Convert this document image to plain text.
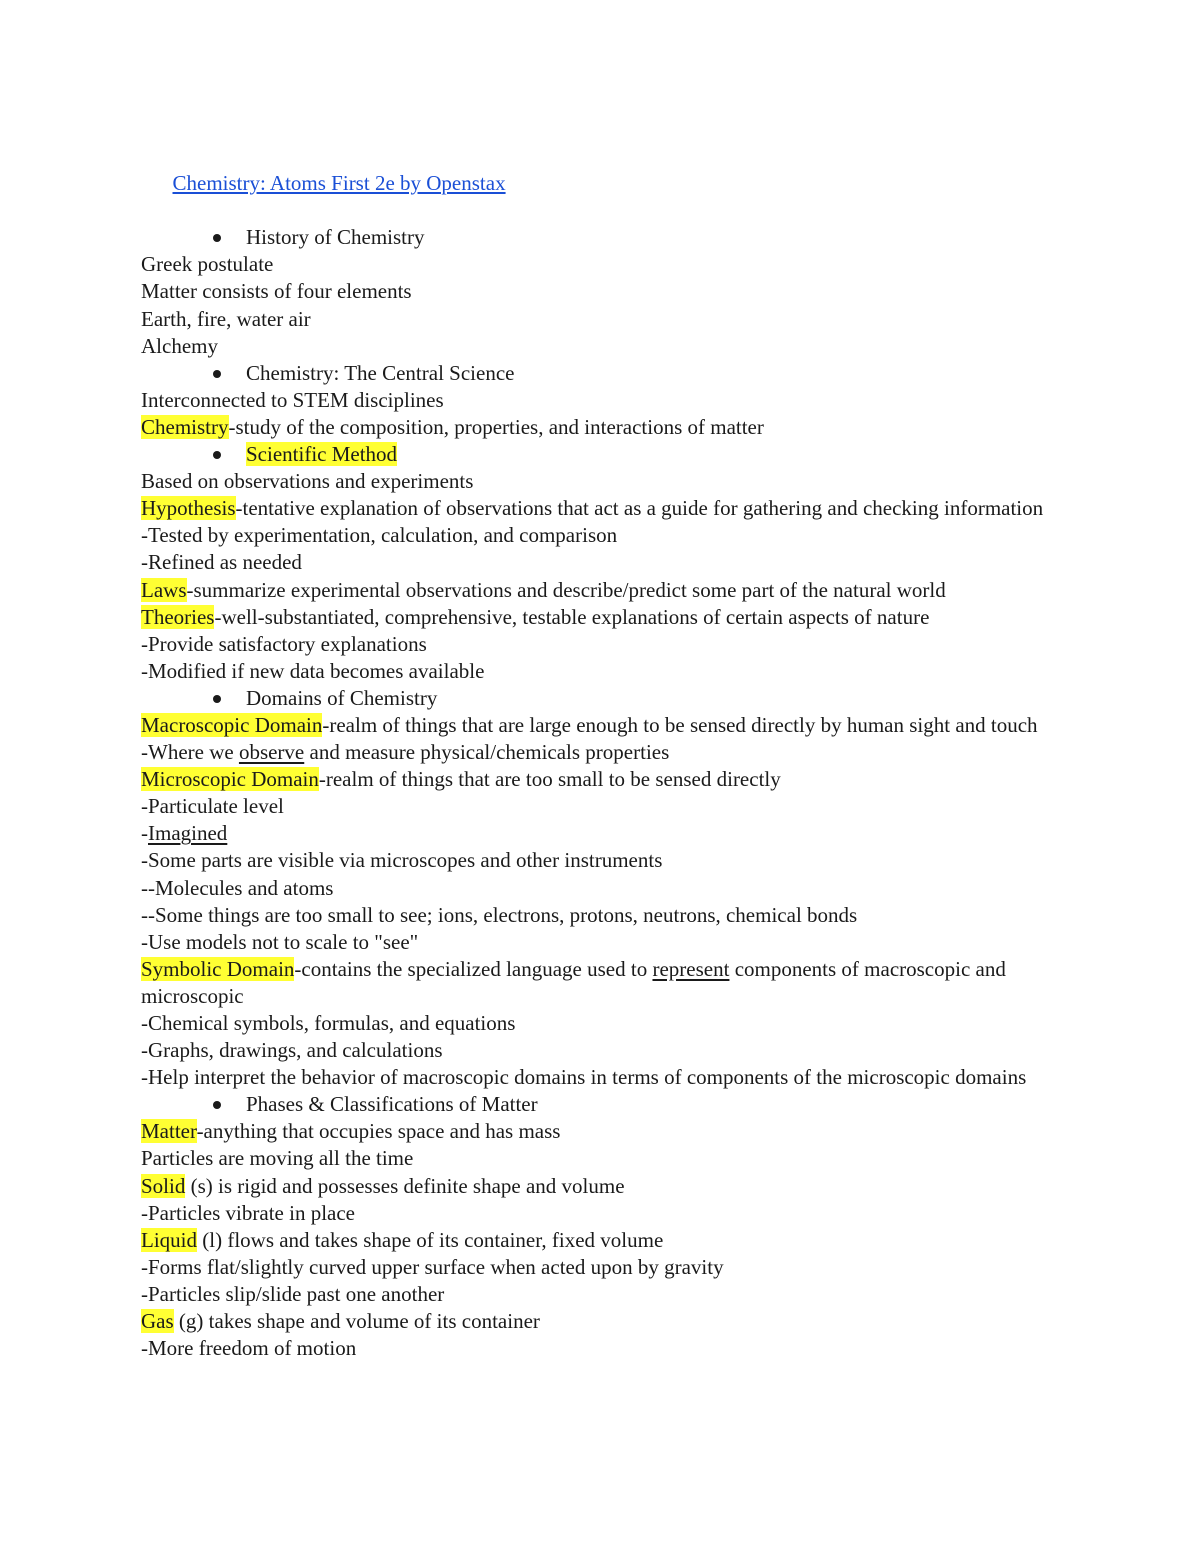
Chemistry: Atoms First 2e by Openstax

History of Chemistry
Greek postulate
Matter consists of four elements
Earth, fire, water air
Alchemy
Chemistry: The Central Science
Interconnected to STEM disciplines
Chemistry-study of the composition, properties, and interactions of matter
Scientific Method
Based on observations and experiments
Hypothesis-tentative explanation of observations that act as a guide for gathering and checking information
-Tested by experimentation, calculation, and comparison
-Refined as needed
Laws-summarize experimental observations and describe/predict some part of the natural world
Theories-well-substantiated, comprehensive, testable explanations of certain aspects of nature
-Provide satisfactory explanations
-Modified if new data becomes available
Domains of Chemistry
Macroscopic Domain-realm of things that are large enough to be sensed directly by human sight and touch
-Where we observe and measure physical/chemicals properties
Microscopic Domain-realm of things that are too small to be sensed directly
-Particulate level
-Imagined
-Some parts are visible via microscopes and other instruments
--Molecules and atoms
--Some things are too small to see; ions, electrons, protons, neutrons, chemical bonds
-Use models not to scale to "see"
Symbolic Domain-contains the specialized language used to represent components of macroscopic and microscopic
-Chemical symbols, formulas, and equations
-Graphs, drawings, and calculations
-Help interpret the behavior of macroscopic domains in terms of components of the microscopic domains
Phases & Classifications of Matter
Matter-anything that occupies space and has mass
Particles are moving all the time
Solid (s) is rigid and possesses definite shape and volume
-Particles vibrate in place
Liquid (l) flows and takes shape of its container, fixed volume
-Forms flat/slightly curved upper surface when acted upon by gravity
-Particles slip/slide past one another
Gas (g) takes shape and volume of its container
-More freedom of motion
